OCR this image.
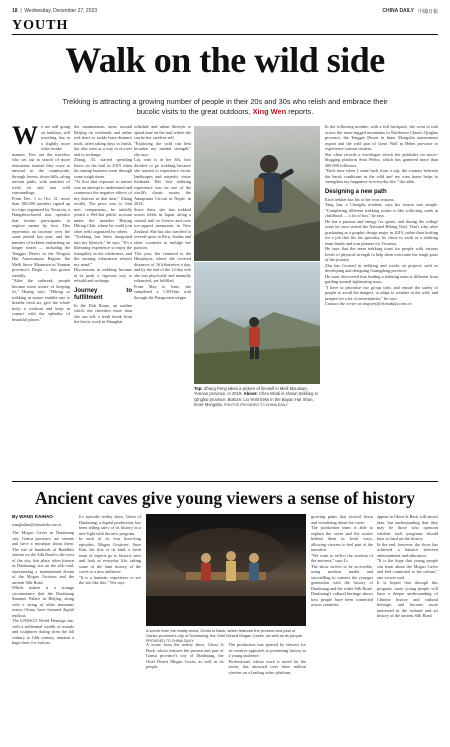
18  |  Wednesday, December 27, 2023	CHINA DAILY 中國日報
YOUTH
Walk on the wild side
Trekking is attracting a growing number of people in their 20s and 30s who relish and embrace their bucolic visits to the great outdoors, Xing Wen reports.
W e are still going on holidays, still traveling, but in a slightly more wide-awake manner. Few are the travelers who set out in search of more relaxation; instead they crave to unwind in the countryside, through forests, down hills, along ancient paths, with snatches of fresh air and rare wild surroundings.

From Dec. 1 to Oct. 31, more than 180,000 travelers signed up for trips organized by Yecuixia, a Hangzhou-based tour operator that invites participants to explore nature by foot. This represents an increase over the same period last year, and the number of trekkers embarking on longer routes — including the Tengger Desert in the Ningxia Hui Autonomous Region, the Meili Snow Mountain in Yunnan province's Deqin — has grown steadily.

"After the outbreak, people became more aware of keeping fit," Huang says. "Hiking or trekking in nature enables one to breathe fresh air, give the whole body a workout and keep in contact with the splendor of beautiful places."

the mountainous areas around Beijing on weekends and rather trek there to tackle busy-distance trails, often taking days to finish, but also seen as a way to recover and to recharge.

Zhang, 33, started spending hours on the trail in 2019 when his startup business went through some tough times.

"At first that exposure to nature was an attempt to understand and counteract the negative effects of my distress at that time," Zhang recalls. The price was, to find new companions, he initially joined a WeChat public account under the moniker Beijing Hiking Club, where he could join other treks organized by others.

"Trekking has been integrated into my lifestyle," he says. "It's a liberating experience to enjoy the tranquility in the wilderness, and the ensuing exhaustion relaxes my mind."

Discussions in trekking became at its peak, a vigorous way to rebuild and recharge.

Journey to fulfillment

In the Dali Route, an outline which she cherishes more than she can tell, a fresh break from her hectic work in Shanghai.

schedule and urban lifestyle to spend time on the trail where she can be her carefree self.

"Exploring the wild can best broaden my mental strength," she says.

Liu, who is in her 30s, first decided to go trekking because she wanted to experience exotic landscapes and majestic vistas firsthand. Her first trekking experience was on one of the world's classic routes, the Annapurna Circuit in Nepal, in 2018.

Since then, she has trekked across fields in Japan, along a coastal trail in Greece and over ice-capped mountains in New Zealand. She has also traveled to several spots in Peru, Jordan and other countries to indulge her passion.

This year, she ventured to the Himalayas, where she covered distances of 16 kilometers a day, and by the end of the 12-day trek she was physically and mentally exhausted, yet fulfilled.

From May to June, she completed a 1,500-km trail through the Patagonian steppe.

Top: Zhang Peng takes a picture of himself in Meili Mountain, Yunnan province, in 2019. Above: Chen Mindi is shown trekking in Qinghai province. Bottom: Liu Yenli treks in the Bayan Har Shan, Inner Mongolia. PHOTOS PROVIDED TO CHINA DAILY

In the following months, with a full backpack, she went to trek across the more-rugged mountains in Northwest China's Qinghai province, the Tengger Desert in Inner Mongolia autonomous region and the wild part of Great Wall in Hebei province to experience various terrains.

She often records a travelogue which she publishes on micro-blogging platform Sina Weibo, which has garnered more than 300,000 followers.

"Each time when I came back from a trip, the contrast between the harsh conditions in the wild and my own home helps to strengthen my happiness in everyday life," she adds.

Designing a new path

Each trekker has his or her own reasons.

Tang Jun, a Chengdu resident, says his reason was simple. "Completing different trekking routes is like collecting cards in childhood — a lot of fun," he says.

He has a passion and energy for sports, and during the college years he once visited the National Hiking Trail. That's why, after graduating as a graphic design major in 2019, rather than looking for a job that fits his specialty, he chose to work as a trekking team leader and tour planner for Yecuixia.

He says that the team trekking tours for people with various levels of physical strength to help them overcome the tough parts of the journey.

Zhu has focused in trekking and works on projects such as developing and designing Guangdong province.

He soon discovered that leading a trekking team is different from guiding normal sightseeing tours.

"I have to prioritize our group with, and ensure the safety of people to avoid the dangers, to adapt to weather in the wild, and prepare for a lot of uncertainties," he says.

Contact the writer at xingwen@chinadaily.com.cn

Ancient caves give young viewers a sense of history
By WANG KAIHAO
wangkaihao@chinadaily.com.cn

The Mogao Caves in Dunhuang city, Gansu province, are remote and have a mystique about them. The site of hundreds of Buddhist shrines on the Silk Road to the west of the city, this place often known as Dunhuang, sits on the silk road, representing a monumental dream of the Mogao Grottoes and the ancient Silk Road.

Which makes it a strange circumstance that the Dunhuang Summer Palace in Beijing, along with a string of other museums across China, have featured digital replicas.

The UNESCO World Heritage site, with a millennial wealth of murals and sculptures dating from the 4th century to 14th century, remains a huge draw for visitors.

It's episodic reality show, Ghost of Dunhuang, a digital production, has been telling tales of its history in a new light with the new program.

In each of its four hour-long episodes, Mogao Grottoes: Jiuse Kan, the first of its kind, a fresh team of experts go to historic sites and look at everyday life, taking some of the faint history of the caves to a new audience.

"It is a fantastic experience to see the site like this," Wu says.

A scene from the reality show, Ghost Is Back, which features the present and past of Gansu province's city of Dunhuang, the Oriel Desert Mogao Caves, as well as its people. PROVIDED TO CHINA DAILY

A scene from the reality show, Ghost Is Back, which features the present and past of Gansu province's city of Dunhuang, the Oriel Desert Mogao Caves, as well as its people.

The production was praised by viewers for its creative approach to presenting history to a young audience.

Professional, whose work is noted for the series, has attracted over three million viewers on a leading video platform.

growing pains that slowed down and wondering about the caves.

The production team is able to explain the caves and the stories behind them in fresh ways, allowing viewers to feel part of the narrative.

"We want to reflect the wisdom of the ancients," says Li.

The show strives to be accessible, using modern media and storytelling to connect the younger generation with the history of Dunhuang and the wider Silk Road.

Dunhuang's cultural heritage shows how people have been connected across centuries.

appear in Ghost Is Back will attract fans, but understanding that they may be those who question whether such programs should bear so hard on the history.

In the end, however, the show has achieved a balance between entertainment and education.

"It is the hope that young people can learn about the Mogao Caves and feel connected to the culture," one viewer said.

It is hoped that through this program, more young people will have a deeper understanding of Chinese history and cultural heritage, and become more interested in the cultural and art history of the ancient Silk Road.
